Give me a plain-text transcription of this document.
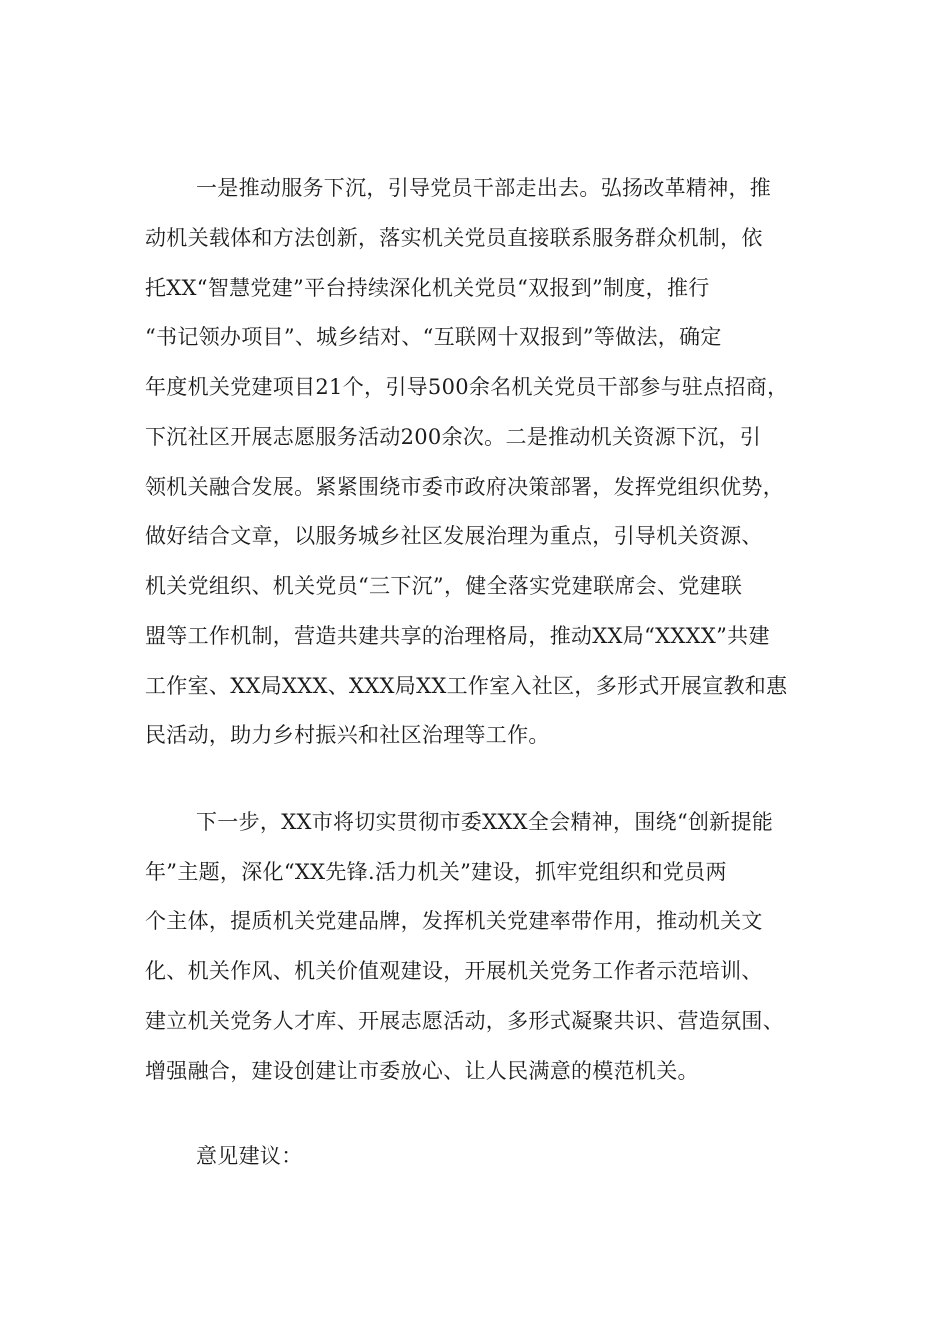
一是推动服务下沉，引导党员干部走出去。弘扬改革精神，推

动机关载体和方法创新，落实机关党员直接联系服务群众机制，依

托XX“智慧党建”平台持续深化机关党员“双报到”制度，推行

“书记领办项目”、城乡结对、“互联网十双报到”等做法，确定

年度机关党建项目21个，引导500余名机关党员干部参与驻点招商，

下沉社区开展志愿服务活动200余次。二是推动机关资源下沉，引

领机关融合发展。紧紧围绕市委市政府决策部署，发挥党组织优势，

做好结合文章，以服务城乡社区发展治理为重点，引导机关资源、

机关党组织、机关党员“三下沉”，健全落实党建联席会、党建联

盟等工作机制，营造共建共享的治理格局，推动XX局“XXXX”共建

工作室、XX局XXX、XXX局XX工作室入社区，多形式开展宣教和惠

民活动，助力乡村振兴和社区治理等工作。

下一步，XX市将切实贯彻市委XXX全会精神，围绕“创新提能

年”主题，深化“XX先锋.活力机关”建设，抓牢党组织和党员两

个主体，提质机关党建品牌，发挥机关党建率带作用，推动机关文

化、机关作风、机关价值观建设，开展机关党务工作者示范培训、

建立机关党务人才库、开展志愿活动，多形式凝聚共识、营造氛围、

增强融合，建设创建让市委放心、让人民满意的模范机关。

意见建议：
